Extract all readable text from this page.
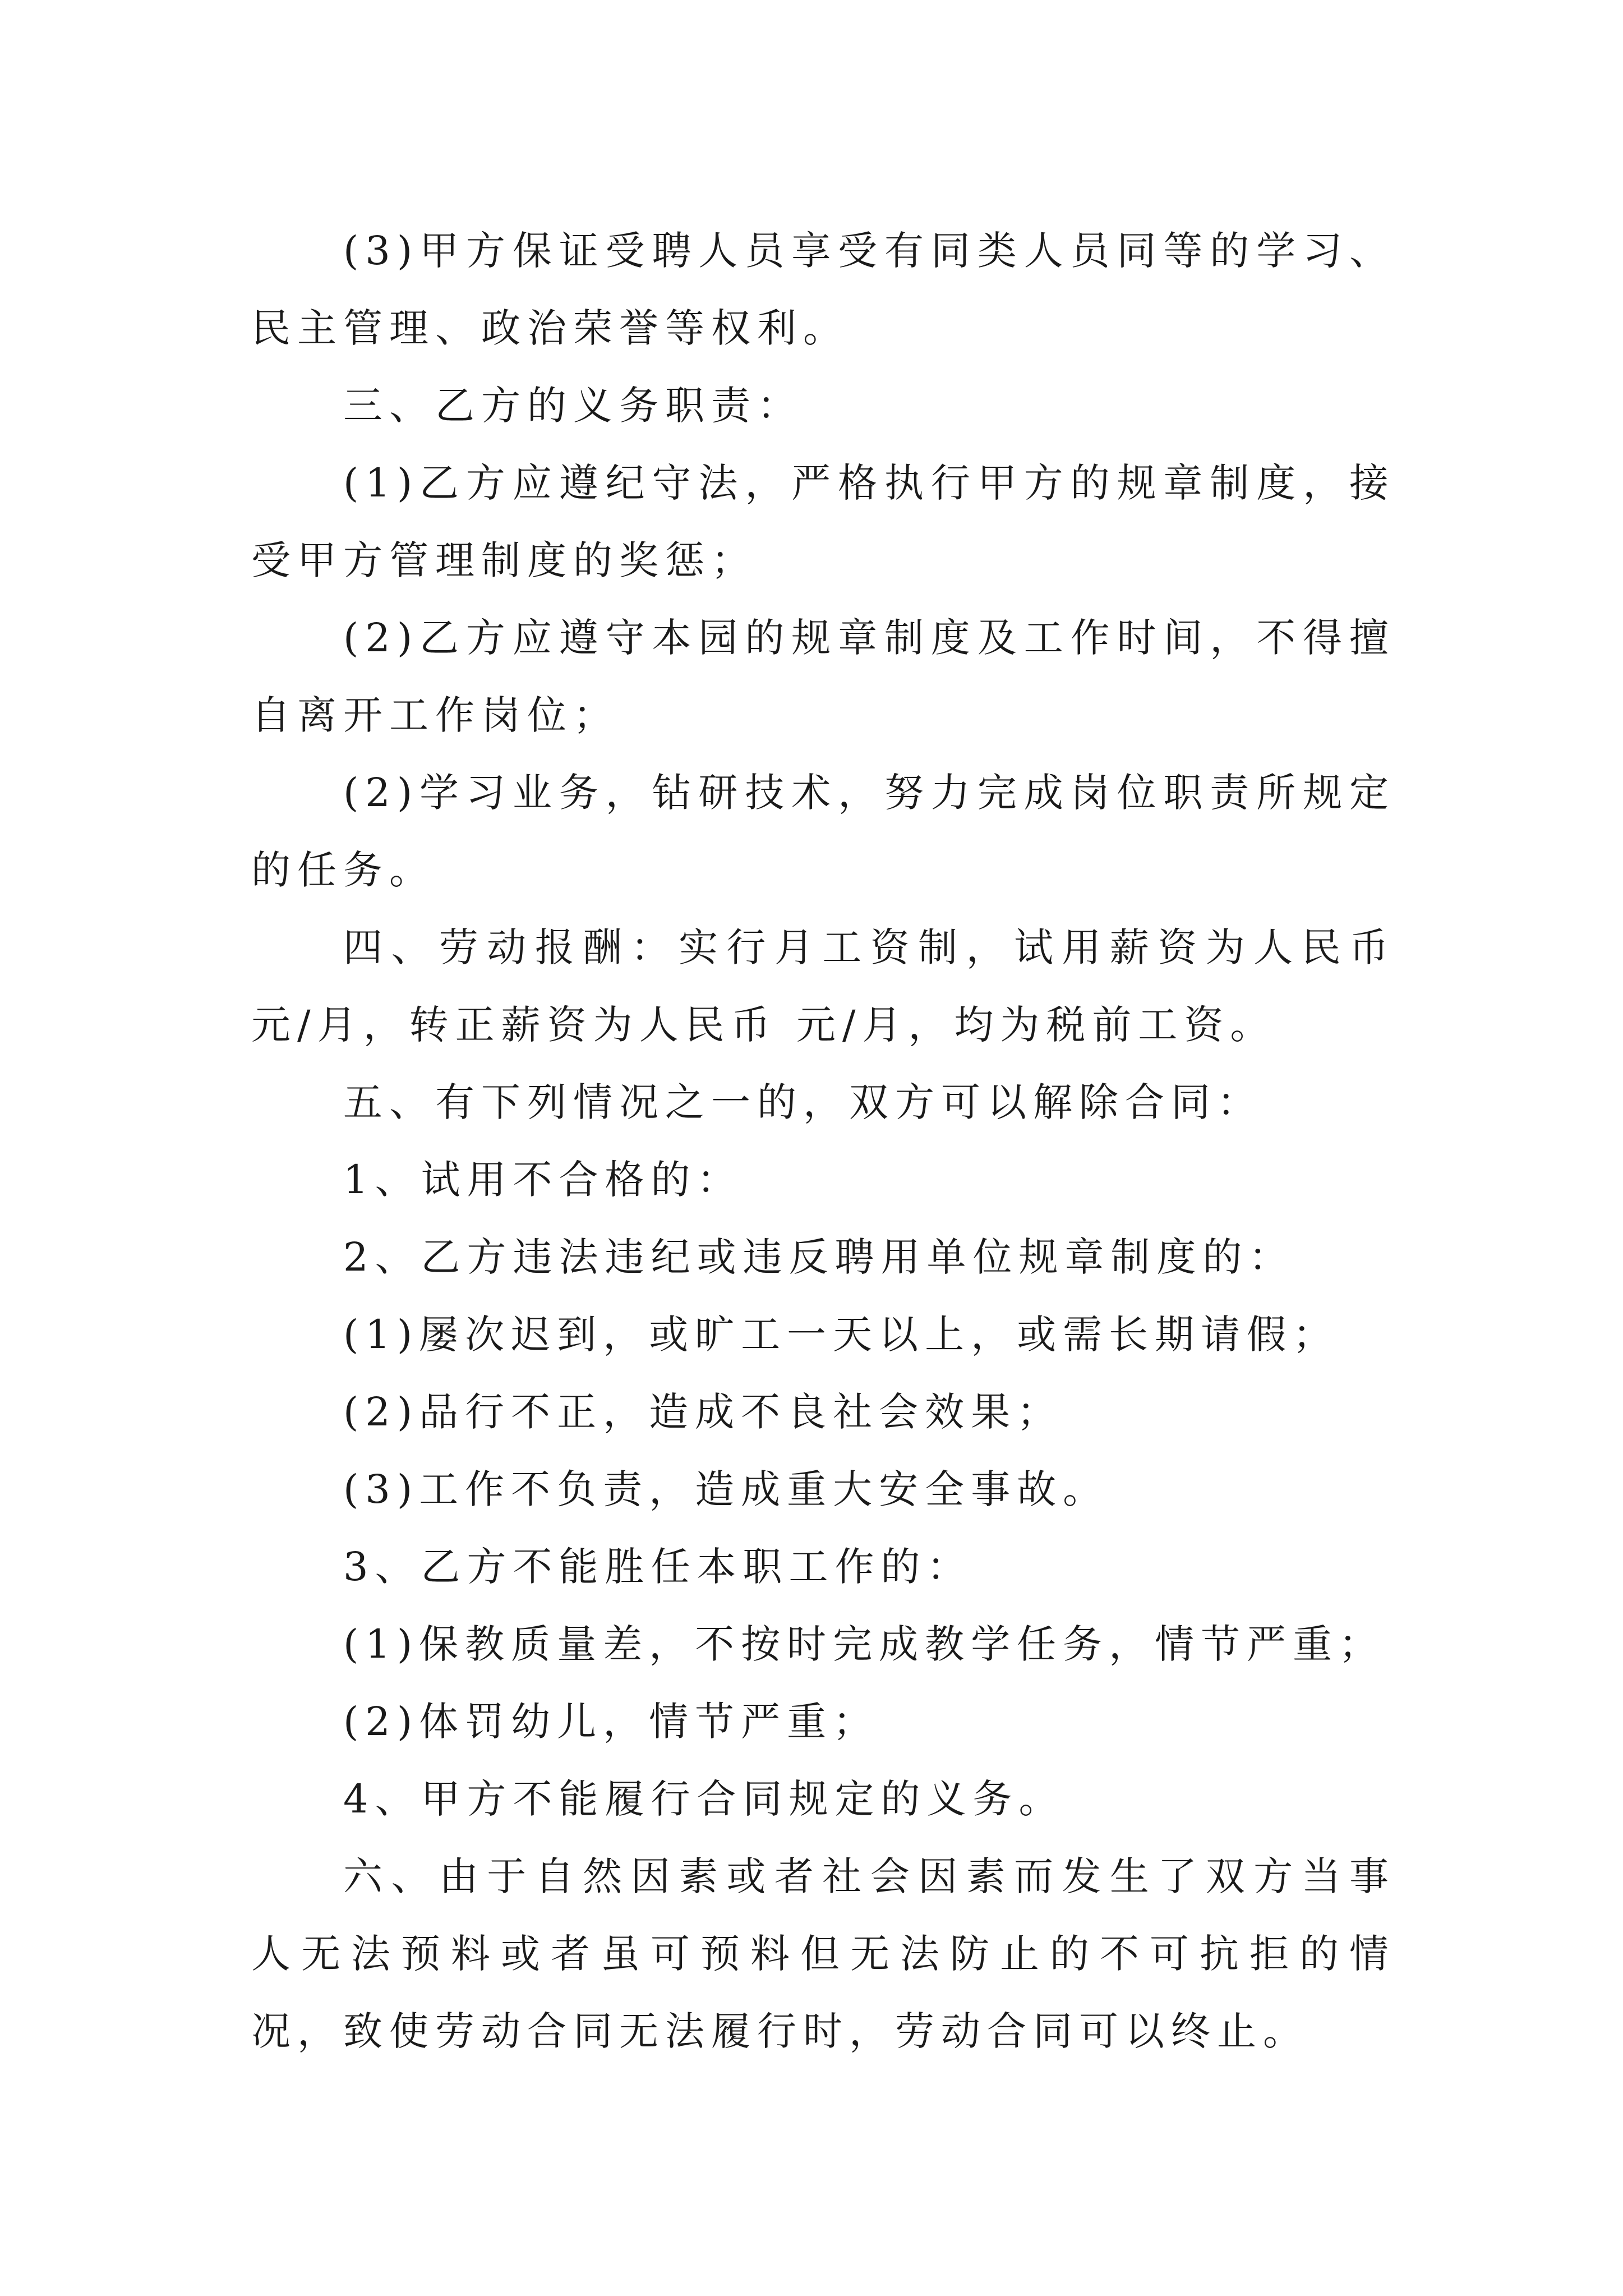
(3)甲方保证受聘人员享受有同类人员同等的学习、民主管理、政治荣誉等权利。

三、乙方的义务职责：

(1)乙方应遵纪守法，严格执行甲方的规章制度，接受甲方管理制度的奖惩；

(2)乙方应遵守本园的规章制度及工作时间，不得擅自离开工作岗位；

(2)学习业务，钻研技术，努力完成岗位职责所规定的任务。

四、劳动报酬：实行月工资制，试用薪资为人民币 元/月，转正薪资为人民币 元/月，均为税前工资。

五、有下列情况之一的，双方可以解除合同：

1、试用不合格的：

2、乙方违法违纪或违反聘用单位规章制度的：

(1)屡次迟到，或旷工一天以上，或需长期请假；

(2)品行不正，造成不良社会效果；

(3)工作不负责，造成重大安全事故。

3、乙方不能胜任本职工作的：

(1)保教质量差，不按时完成教学任务，情节严重；

(2)体罚幼儿，情节严重；

4、甲方不能履行合同规定的义务。

六、由于自然因素或者社会因素而发生了双方当事人无法预料或者虽可预料但无法防止的不可抗拒的情况，致使劳动合同无法履行时，劳动合同可以终止。
